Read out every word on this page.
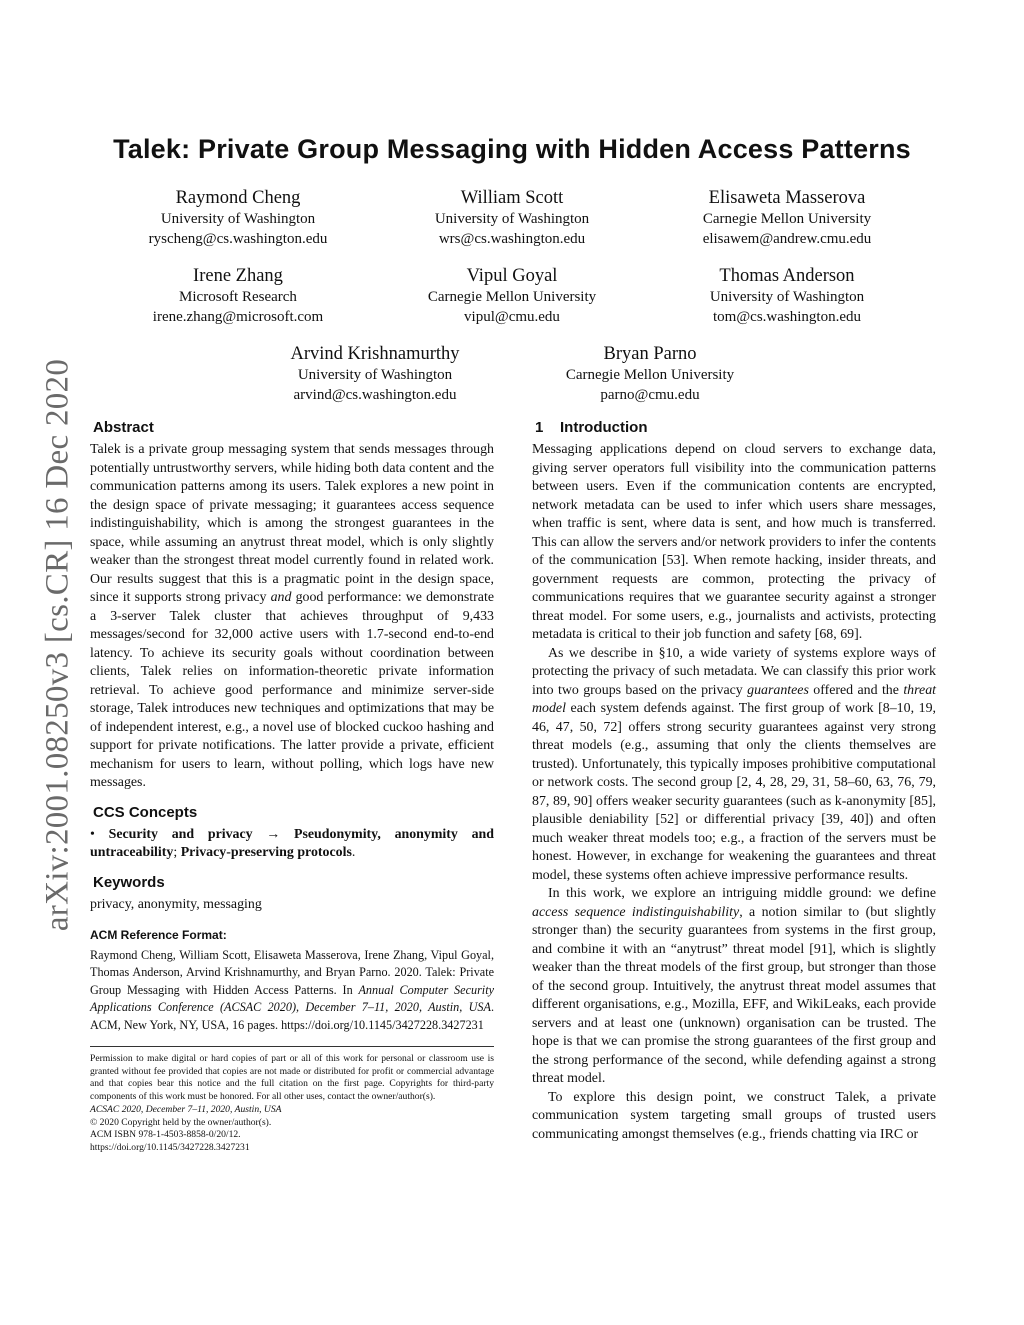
arXiv:2001.08250v3 [cs.CR] 16 Dec 2020
Talek: Private Group Messaging with Hidden Access Patterns
Raymond Cheng
University of Washington
ryscheng@cs.washington.edu
William Scott
University of Washington
wrs@cs.washington.edu
Elisaweta Masserova
Carnegie Mellon University
elisawem@andrew.cmu.edu
Irene Zhang
Microsoft Research
irene.zhang@microsoft.com
Vipul Goyal
Carnegie Mellon University
vipul@cmu.edu
Thomas Anderson
University of Washington
tom@cs.washington.edu
Arvind Krishnamurthy
University of Washington
arvind@cs.washington.edu
Bryan Parno
Carnegie Mellon University
parno@cmu.edu
Abstract

Talek is a private group messaging system that sends messages through potentially untrustworthy servers, while hiding both data content and the communication patterns among its users. Talek explores a new point in the design space of private messaging; it guarantees access sequence indistinguishability, which is among the strongest guarantees in the space, while assuming an anytrust threat model, which is only slightly weaker than the strongest threat model currently found in related work. Our results suggest that this is a pragmatic point in the design space, since it supports strong privacy and good performance: we demonstrate a 3-server Talek cluster that achieves throughput of 9,433 messages/second for 32,000 active users with 1.7-second end-to-end latency. To achieve its security goals without coordination between clients, Talek relies on information-theoretic private information retrieval. To achieve good performance and minimize server-side storage, Talek introduces new techniques and optimizations that may be of independent interest, e.g., a novel use of blocked cuckoo hashing and support for private notifications. The latter provide a private, efficient mechanism for users to learn, without polling, which logs have new messages.

CCS Concepts

• Security and privacy → Pseudonymity, anonymity and untraceability; Privacy-preserving protocols.

Keywords

privacy, anonymity, messaging

ACM Reference Format:

Raymond Cheng, William Scott, Elisaweta Masserova, Irene Zhang, Vipul Goyal, Thomas Anderson, Arvind Krishnamurthy, and Bryan Parno. 2020. Talek: Private Group Messaging with Hidden Access Patterns. In Annual Computer Security Applications Conference (ACSAC 2020), December 7–11, 2020, Austin, USA. ACM, New York, NY, USA, 16 pages. https://doi.org/10.1145/3427228.3427231

Permission to make digital or hard copies of part or all of this work for personal or classroom use is granted without fee provided that copies are not made or distributed for profit or commercial advantage and that copies bear this notice and the full citation on the first page. Copyrights for third-party components of this work must be honored. For all other uses, contact the owner/author(s).

ACSAC 2020, December 7–11, 2020, Austin, USA

© 2020 Copyright held by the owner/author(s).

ACM ISBN 978-1-4503-8858-0/20/12.

https://doi.org/10.1145/3427228.3427231

1    Introduction

Messaging applications depend on cloud servers to exchange data, giving server operators full visibility into the communication patterns between users. Even if the communication contents are encrypted, network metadata can be used to infer which users share messages, when traffic is sent, where data is sent, and how much is transferred. This can allow the servers and/or network providers to infer the contents of the communication [53]. When remote hacking, insider threats, and government requests are common, protecting the privacy of communications requires that we guarantee security against a stronger threat model. For some users, e.g., journalists and activists, protecting metadata is critical to their job function and safety [68, 69].

As we describe in §10, a wide variety of systems explore ways of protecting the privacy of such metadata. We can classify this prior work into two groups based on the privacy guarantees offered and the threat model each system defends against. The first group of work [8–10, 19, 46, 47, 50, 72] offers strong security guarantees against very strong threat models (e.g., assuming that only the clients themselves are trusted). Unfortunately, this typically imposes prohibitive computational or network costs. The second group [2, 4, 28, 29, 31, 58–60, 63, 76, 79, 87, 89, 90] offers weaker security guarantees (such as k-anonymity [85], plausible deniability [52] or differential privacy [39, 40]) and often much weaker threat models too; e.g., a fraction of the servers must be honest. However, in exchange for weakening the guarantees and threat model, these systems often achieve impressive performance results.

In this work, we explore an intriguing middle ground: we define access sequence indistinguishability, a notion similar to (but slightly stronger than) the security guarantees from systems in the first group, and combine it with an “anytrust” threat model [91], which is slightly weaker than the threat models of the first group, but stronger than those of the second group. Intuitively, the anytrust threat model assumes that different organisations, e.g., Mozilla, EFF, and WikiLeaks, each provide servers and at least one (unknown) organisation can be trusted. The hope is that we can promise the strong guarantees of the first group and the strong performance of the second, while defending against a strong threat model.

To explore this design point, we construct Talek, a private communication system targeting small groups of trusted users communicating amongst themselves (e.g., friends chatting via IRC or
